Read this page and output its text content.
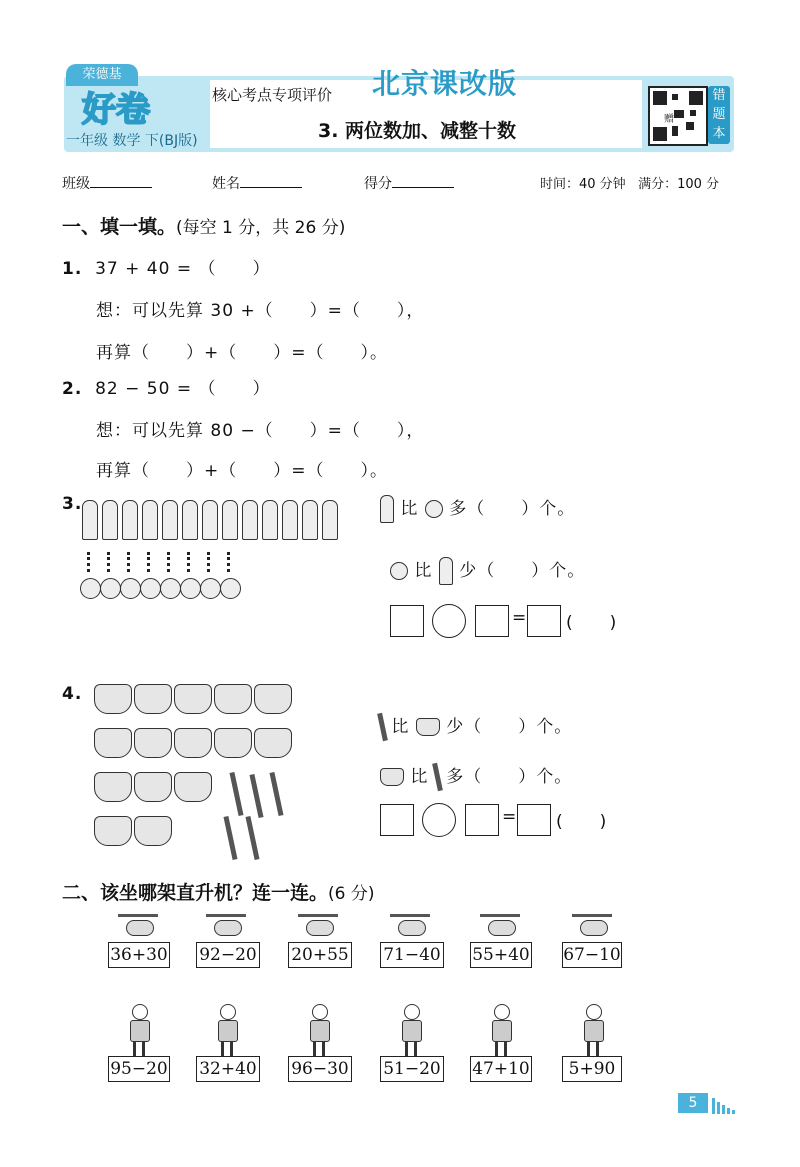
荣德基
好卷
一年级 数学 下(BJ版)
核心考点专项评价 北京课改版
3. 两位数加、减整十数
赠
错题本
班级	姓名	得分	时间：40 分钟 满分：100 分
一、填一填。(每空 1 分，共 26 分)
1. 37 + 40 = （　　）
想：可以先算 30 +（　　）=（　　），
再算（　　）+（　　）=（　　）。
2. 82 − 50 = （　　）
想：可以先算 80 −（　　）=（　　），
再算（　　）+（　　）=（　　）。
3.	比 多（　　）个。
比 少（　　）个。
= (　　)
4.
比 少（　　）个。
比 多（　　）个。
= (　　)
二、该坐哪架直升机？连一连。(6 分)
36+30 92−20 20+55 71−40 55+40 67−10
95−20 32+40 96−30 51−20 47+10	5+90
5
